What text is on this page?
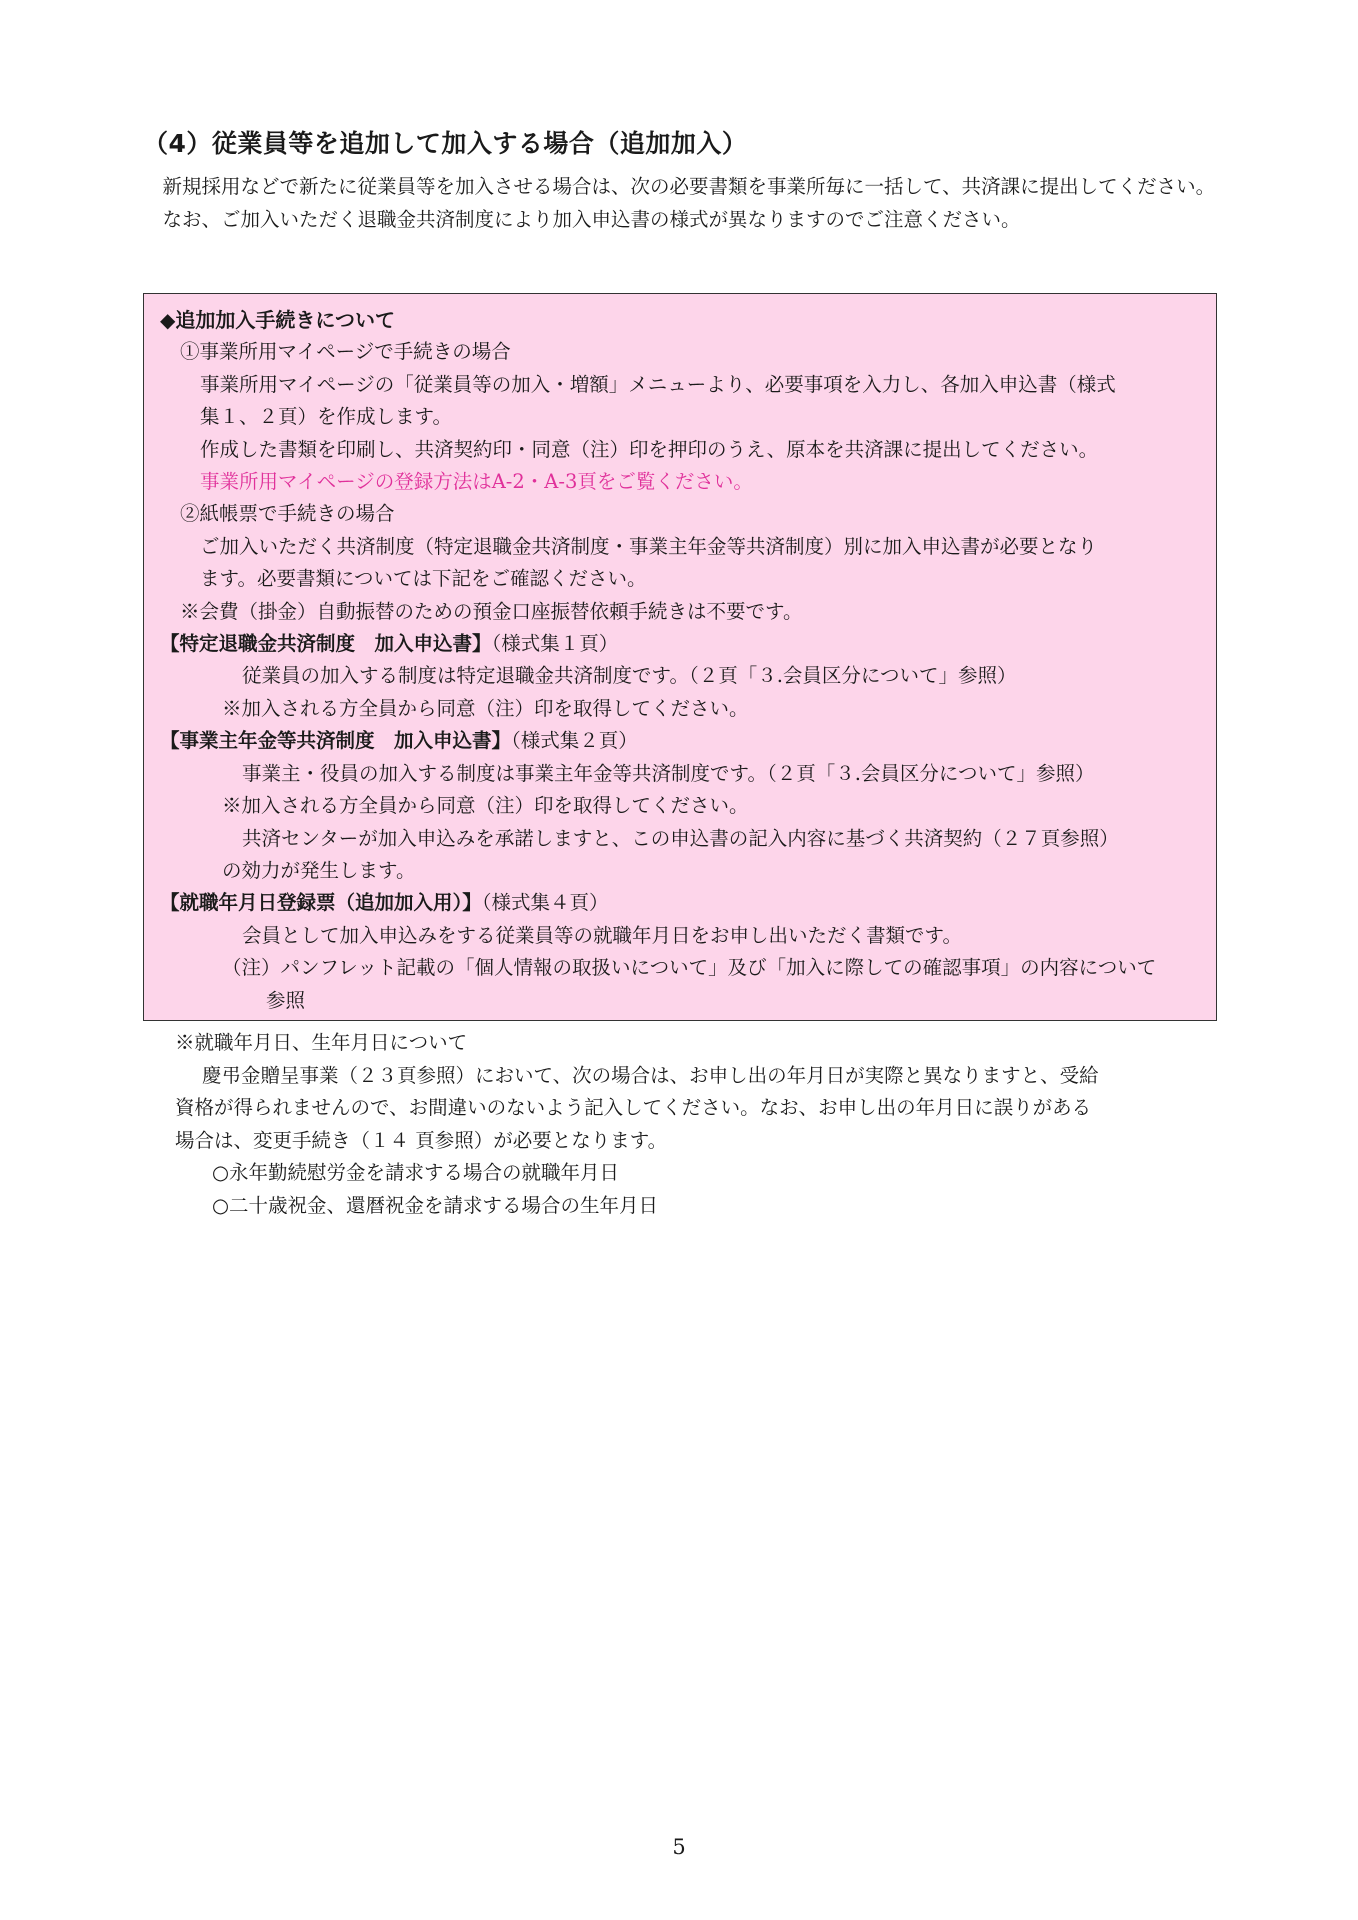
（4）従業員等を追加して加入する場合（追加加入）

新規採用などで新たに従業員等を加入させる場合は、次の必要書類を事業所毎に一括して、共済課に提出してください。

なお、ご加入いただく退職金共済制度により加入申込書の様式が異なりますのでご注意ください。

◆追加加入手続きについて
①事業所用マイページで手続きの場合
事業所用マイページの「従業員等の加入・増額」メニューより、必要事項を入力し、各加入申込書（様式
集１、２頁）を作成します。
作成した書類を印刷し、共済契約印・同意（注）印を押印のうえ、原本を共済課に提出してください。
事業所用マイページの登録方法はA-2・A-3頁をご覧ください。
②紙帳票で手続きの場合
ご加入いただく共済制度（特定退職金共済制度・事業主年金等共済制度）別に加入申込書が必要となり
ます。必要書類については下記をご確認ください。
※会費（掛金）自動振替のための預金口座振替依頼手続きは不要です。
【特定退職金共済制度　加入申込書】（様式集１頁）
従業員の加入する制度は特定退職金共済制度です。（２頁「３.会員区分について」参照）
※加入される方全員から同意（注）印を取得してください。
【事業主年金等共済制度　加入申込書】（様式集２頁）
事業主・役員の加入する制度は事業主年金等共済制度です。（２頁「３.会員区分について」参照）
※加入される方全員から同意（注）印を取得してください。
共済センターが加入申込みを承諾しますと、この申込書の記入内容に基づく共済契約（２７頁参照）
の効力が発生します。
【就職年月日登録票（追加加入用）】（様式集４頁）
会員として加入申込みをする従業員等の就職年月日をお申し出いただく書類です。
（注）パンフレット記載の「個人情報の取扱いについて」及び「加入に際しての確認事項」の内容について
参照
※就職年月日、生年月日について
慶弔金贈呈事業（２３頁参照）において、次の場合は、お申し出の年月日が実際と異なりますと、受給
資格が得られませんので、お間違いのないよう記入してください。なお、お申し出の年月日に誤りがある
場合は、変更手続き（１４ 頁参照）が必要となります。
○永年勤続慰労金を請求する場合の就職年月日
○二十歳祝金、還暦祝金を請求する場合の生年月日
5
